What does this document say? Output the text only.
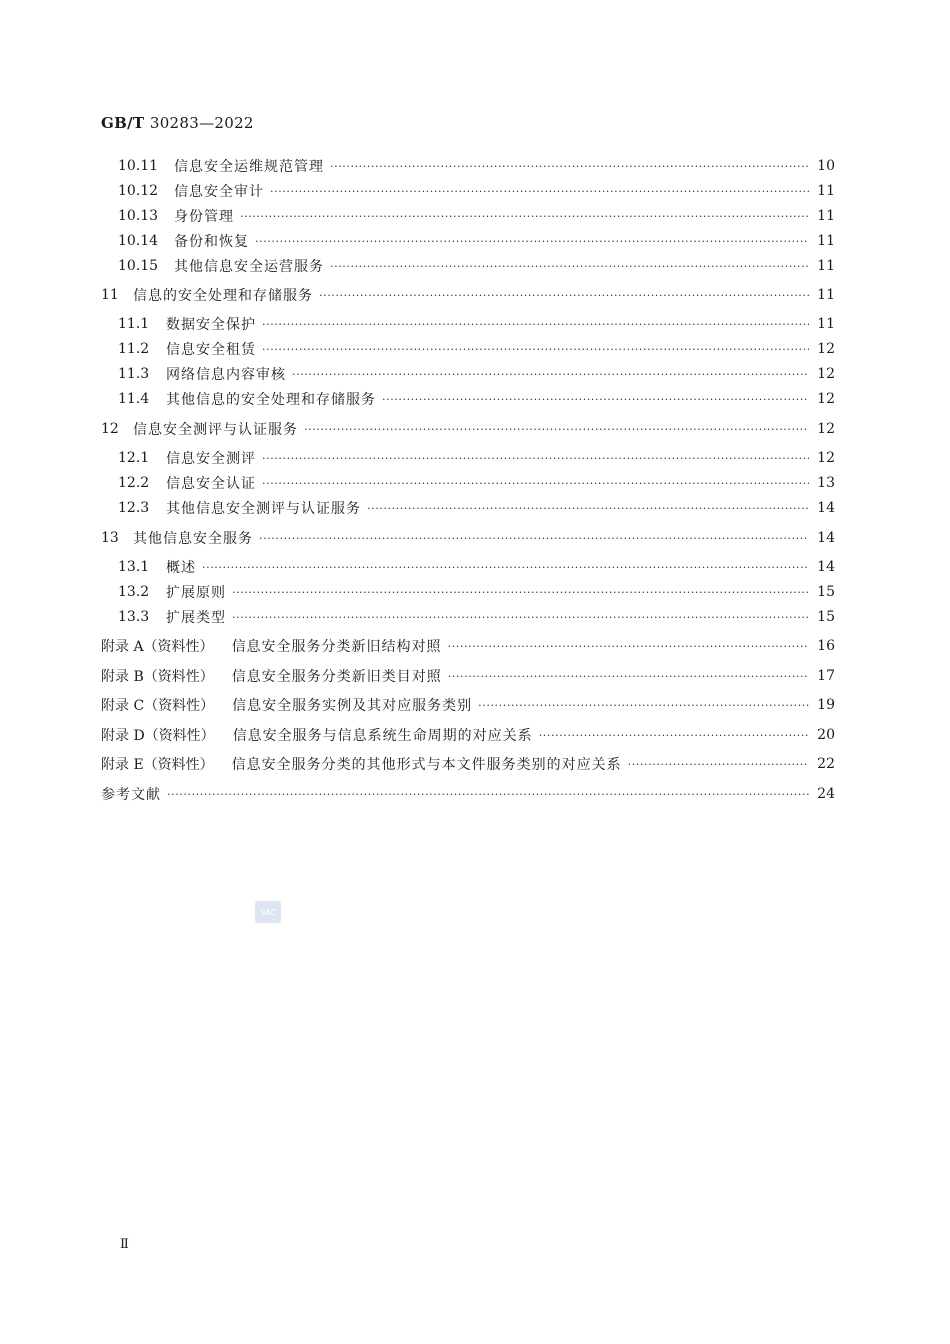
GB/T 30283—2022
10.11 信息安全运维规范管理 ·····	10
10.12 信息安全审计 ·····	11
10.13 身份管理 ·····	11
10.14 备份和恢复 ·····	11
10.15 其他信息安全运营服务 ·····	11
11 信息的安全处理和存储服务 ·····	11
11.1 数据安全保护 ·····	11
11.2 信息安全租赁 ·····	12
11.3 网络信息内容审核 ·····	12
11.4 其他信息的安全处理和存储服务 ·····	12
12 信息安全测评与认证服务 ·····	12
12.1 信息安全测评 ·····	12
12.2 信息安全认证 ·····	13
12.3 其他信息安全测评与认证服务 ·····	14
13 其他信息安全服务 ·····	14
13.1 概述 ·····	14
13.2 扩展原则 ·····	15
13.3 扩展类型 ·····	15
附录 A（资料性） 信息安全服务分类新旧结构对照 ·····	16
附录 B（资料性） 信息安全服务分类新旧类目对照 ·····	17
附录 C（资料性） 信息安全服务实例及其对应服务类别 ·····	19
附录 D（资料性） 信息安全服务与信息系统生命周期的对应关系 ·····	20
附录 E（资料性） 信息安全服务分类的其他形式与本文件服务类别的对应关系 ·····	22
参考文献 ·····	24
SAC
Ⅱ
